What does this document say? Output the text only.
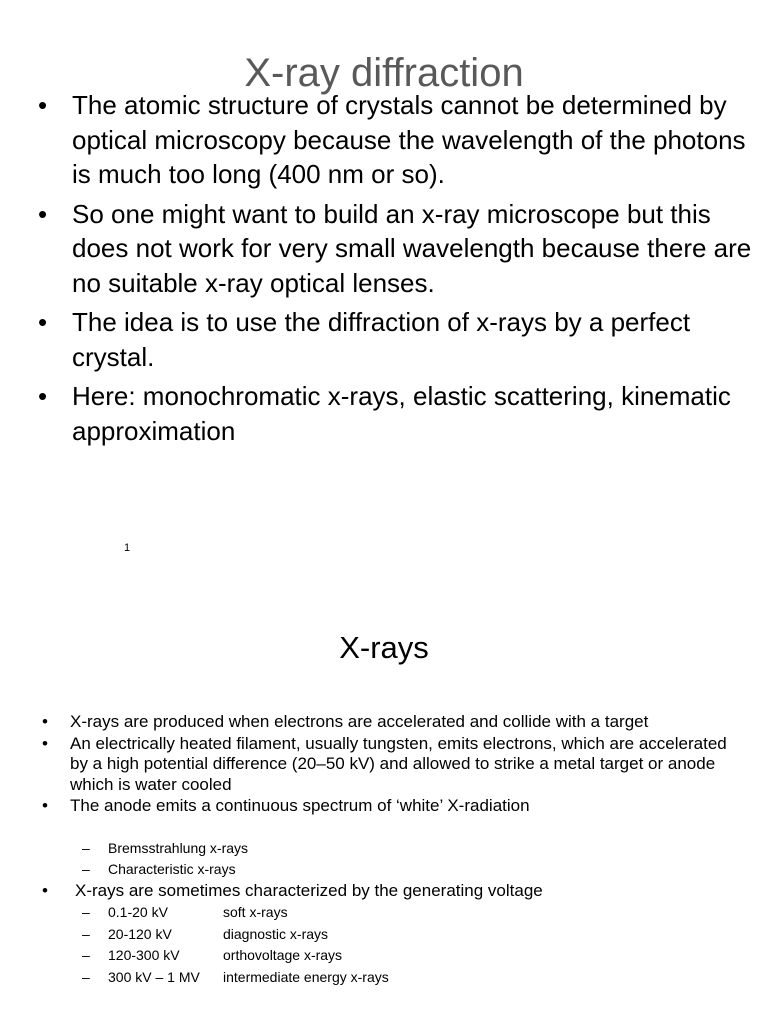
X-ray diffraction
• The atomic structure of crystals cannot be determined by optical microscopy because the wavelength of the photons is much too long (400 nm or so).
• So one might want to build an x-ray microscope but this does not work for very small wavelength because there are no suitable x-ray optical lenses.
• The idea is to use the diffraction of x-rays by a perfect crystal.
• Here: monochromatic x-rays, elastic scattering, kinematic approximation
1
X-rays
• X-rays are produced when electrons are accelerated and collide with a target
• An electrically heated filament, usually tungsten, emits electrons, which are accelerated by a high potential difference (20–50 kV) and allowed to strike a metal target or anode which is water cooled
• The anode emits a continuous spectrum of ‘white’ X-radiation
– Bremsstrahlung x-rays
– Characteristic x-rays
• X-rays are sometimes characterized by the generating voltage
– 0.1-20 kV	soft x-rays
– 20-120 kV	diagnostic x-rays
– 120-300 kV	orthovoltage x-rays
– 300 kV – 1 MV intermediate energy x-rays
